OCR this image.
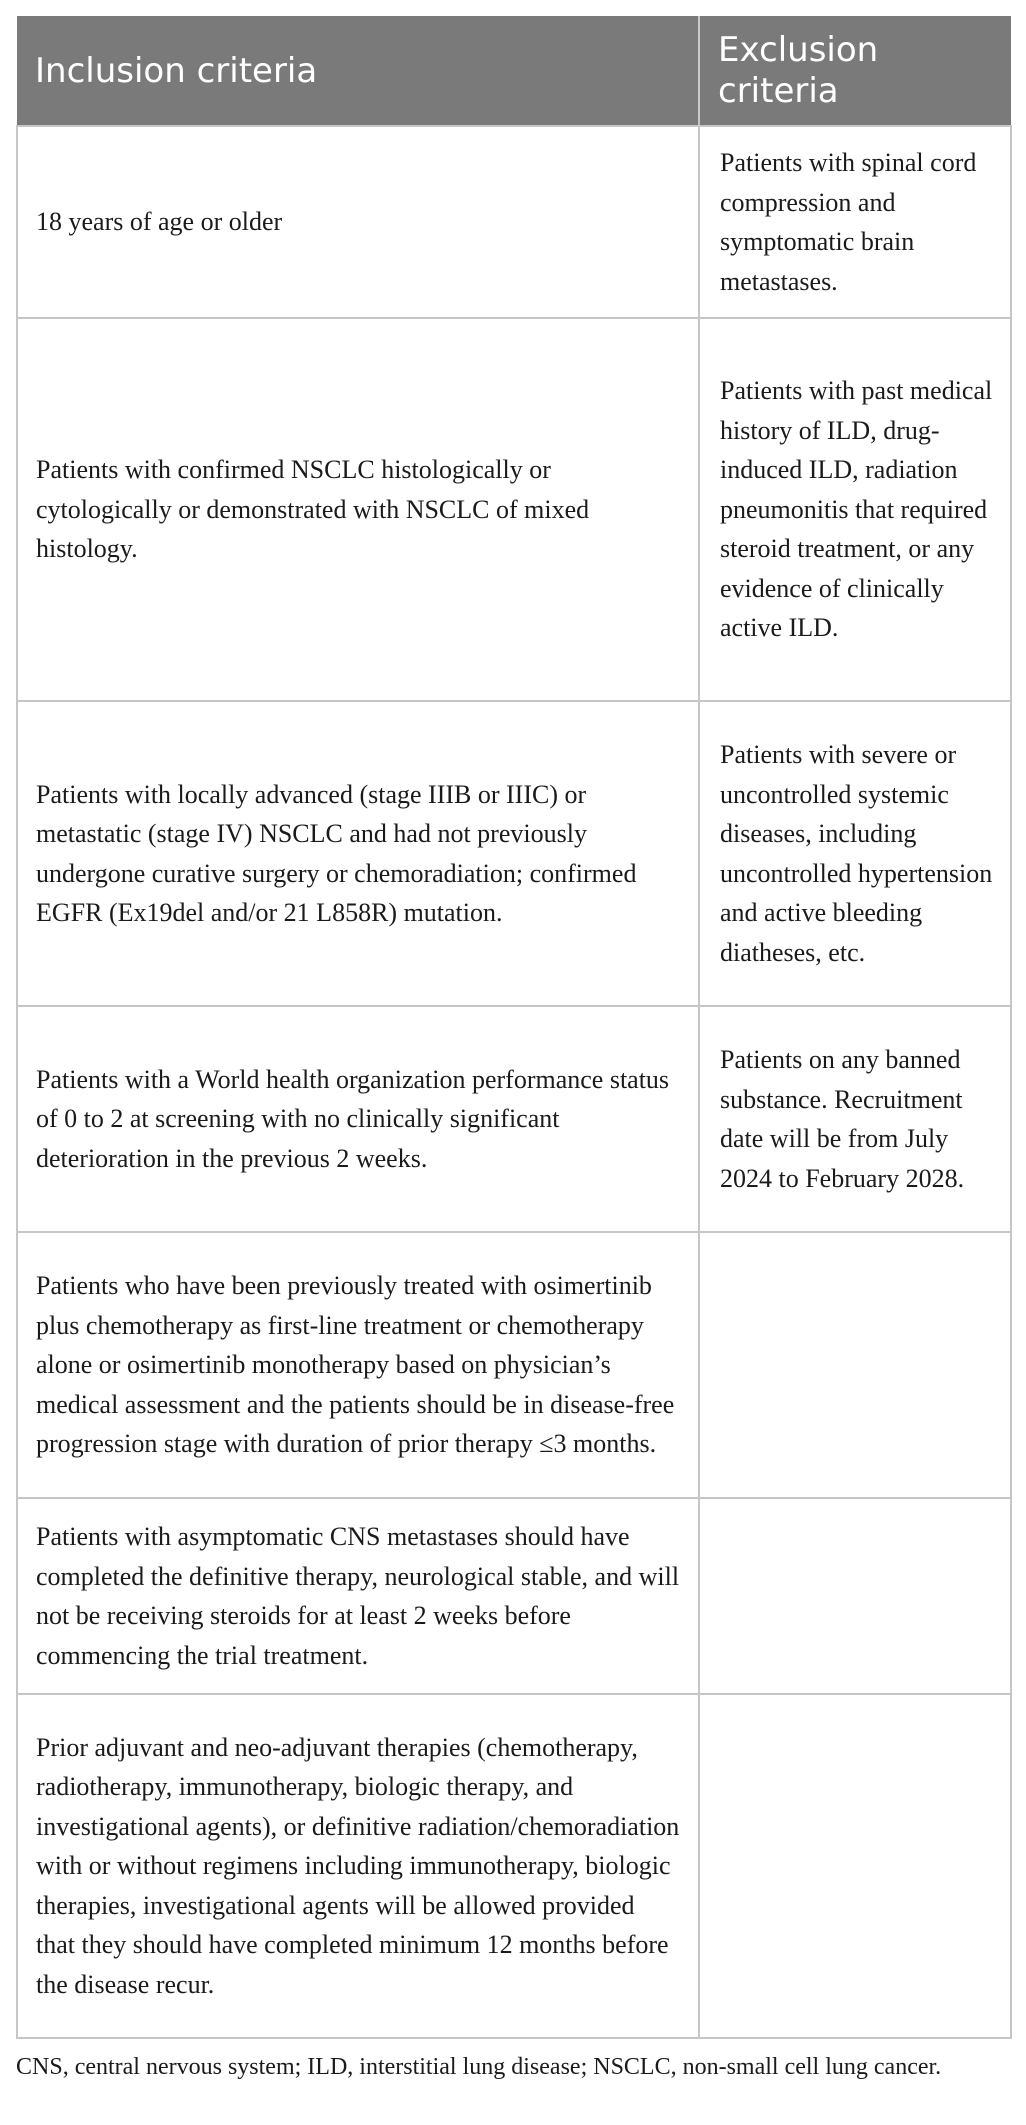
Inclusion criteria	Exclusion criteria
18 years of age or older	Patients with spinal cord compression and symptomatic brain metastases.
Patients with confirmed NSCLC histologically or cytologically or demonstrated with NSCLC of mixed histology.	Patients with past medical history of ILD, drug-induced ILD, radiation pneumonitis that required steroid treatment, or any evidence of clinically active ILD.
Patients with locally advanced (stage IIIB or IIIC) or metastatic (stage IV) NSCLC and had not previously undergone curative surgery or chemoradiation; confirmed EGFR (Ex19del and/or 21 L858R) mutation.	Patients with severe or uncontrolled systemic diseases, including uncontrolled hypertension and active bleeding diatheses, etc.
Patients with a World health organization performance status of 0 to 2 at screening with no clinically significant deterioration in the previous 2 weeks.	Patients on any banned substance. Recruitment date will be from July 2024 to February 2028.
Patients who have been previously treated with osimertinib plus chemotherapy as first-line treatment or chemotherapy alone or osimertinib monotherapy based on physician’s medical assessment and the patients should be in disease-free progression stage with duration of prior therapy ≤3 months.	
Patients with asymptomatic CNS metastases should have completed the definitive therapy, neurological stable, and will not be receiving steroids for at least 2 weeks before commencing the trial treatment.	
Prior adjuvant and neo-adjuvant therapies (chemotherapy, radiotherapy, immunotherapy, biologic therapy, and investigational agents), or definitive radiation/chemoradiation with or without regimens including immunotherapy, biologic therapies, investigational agents will be allowed provided that they should have completed minimum 12 months before the disease recur.	
CNS, central nervous system; ILD, interstitial lung disease; NSCLC, non-small cell lung cancer.
